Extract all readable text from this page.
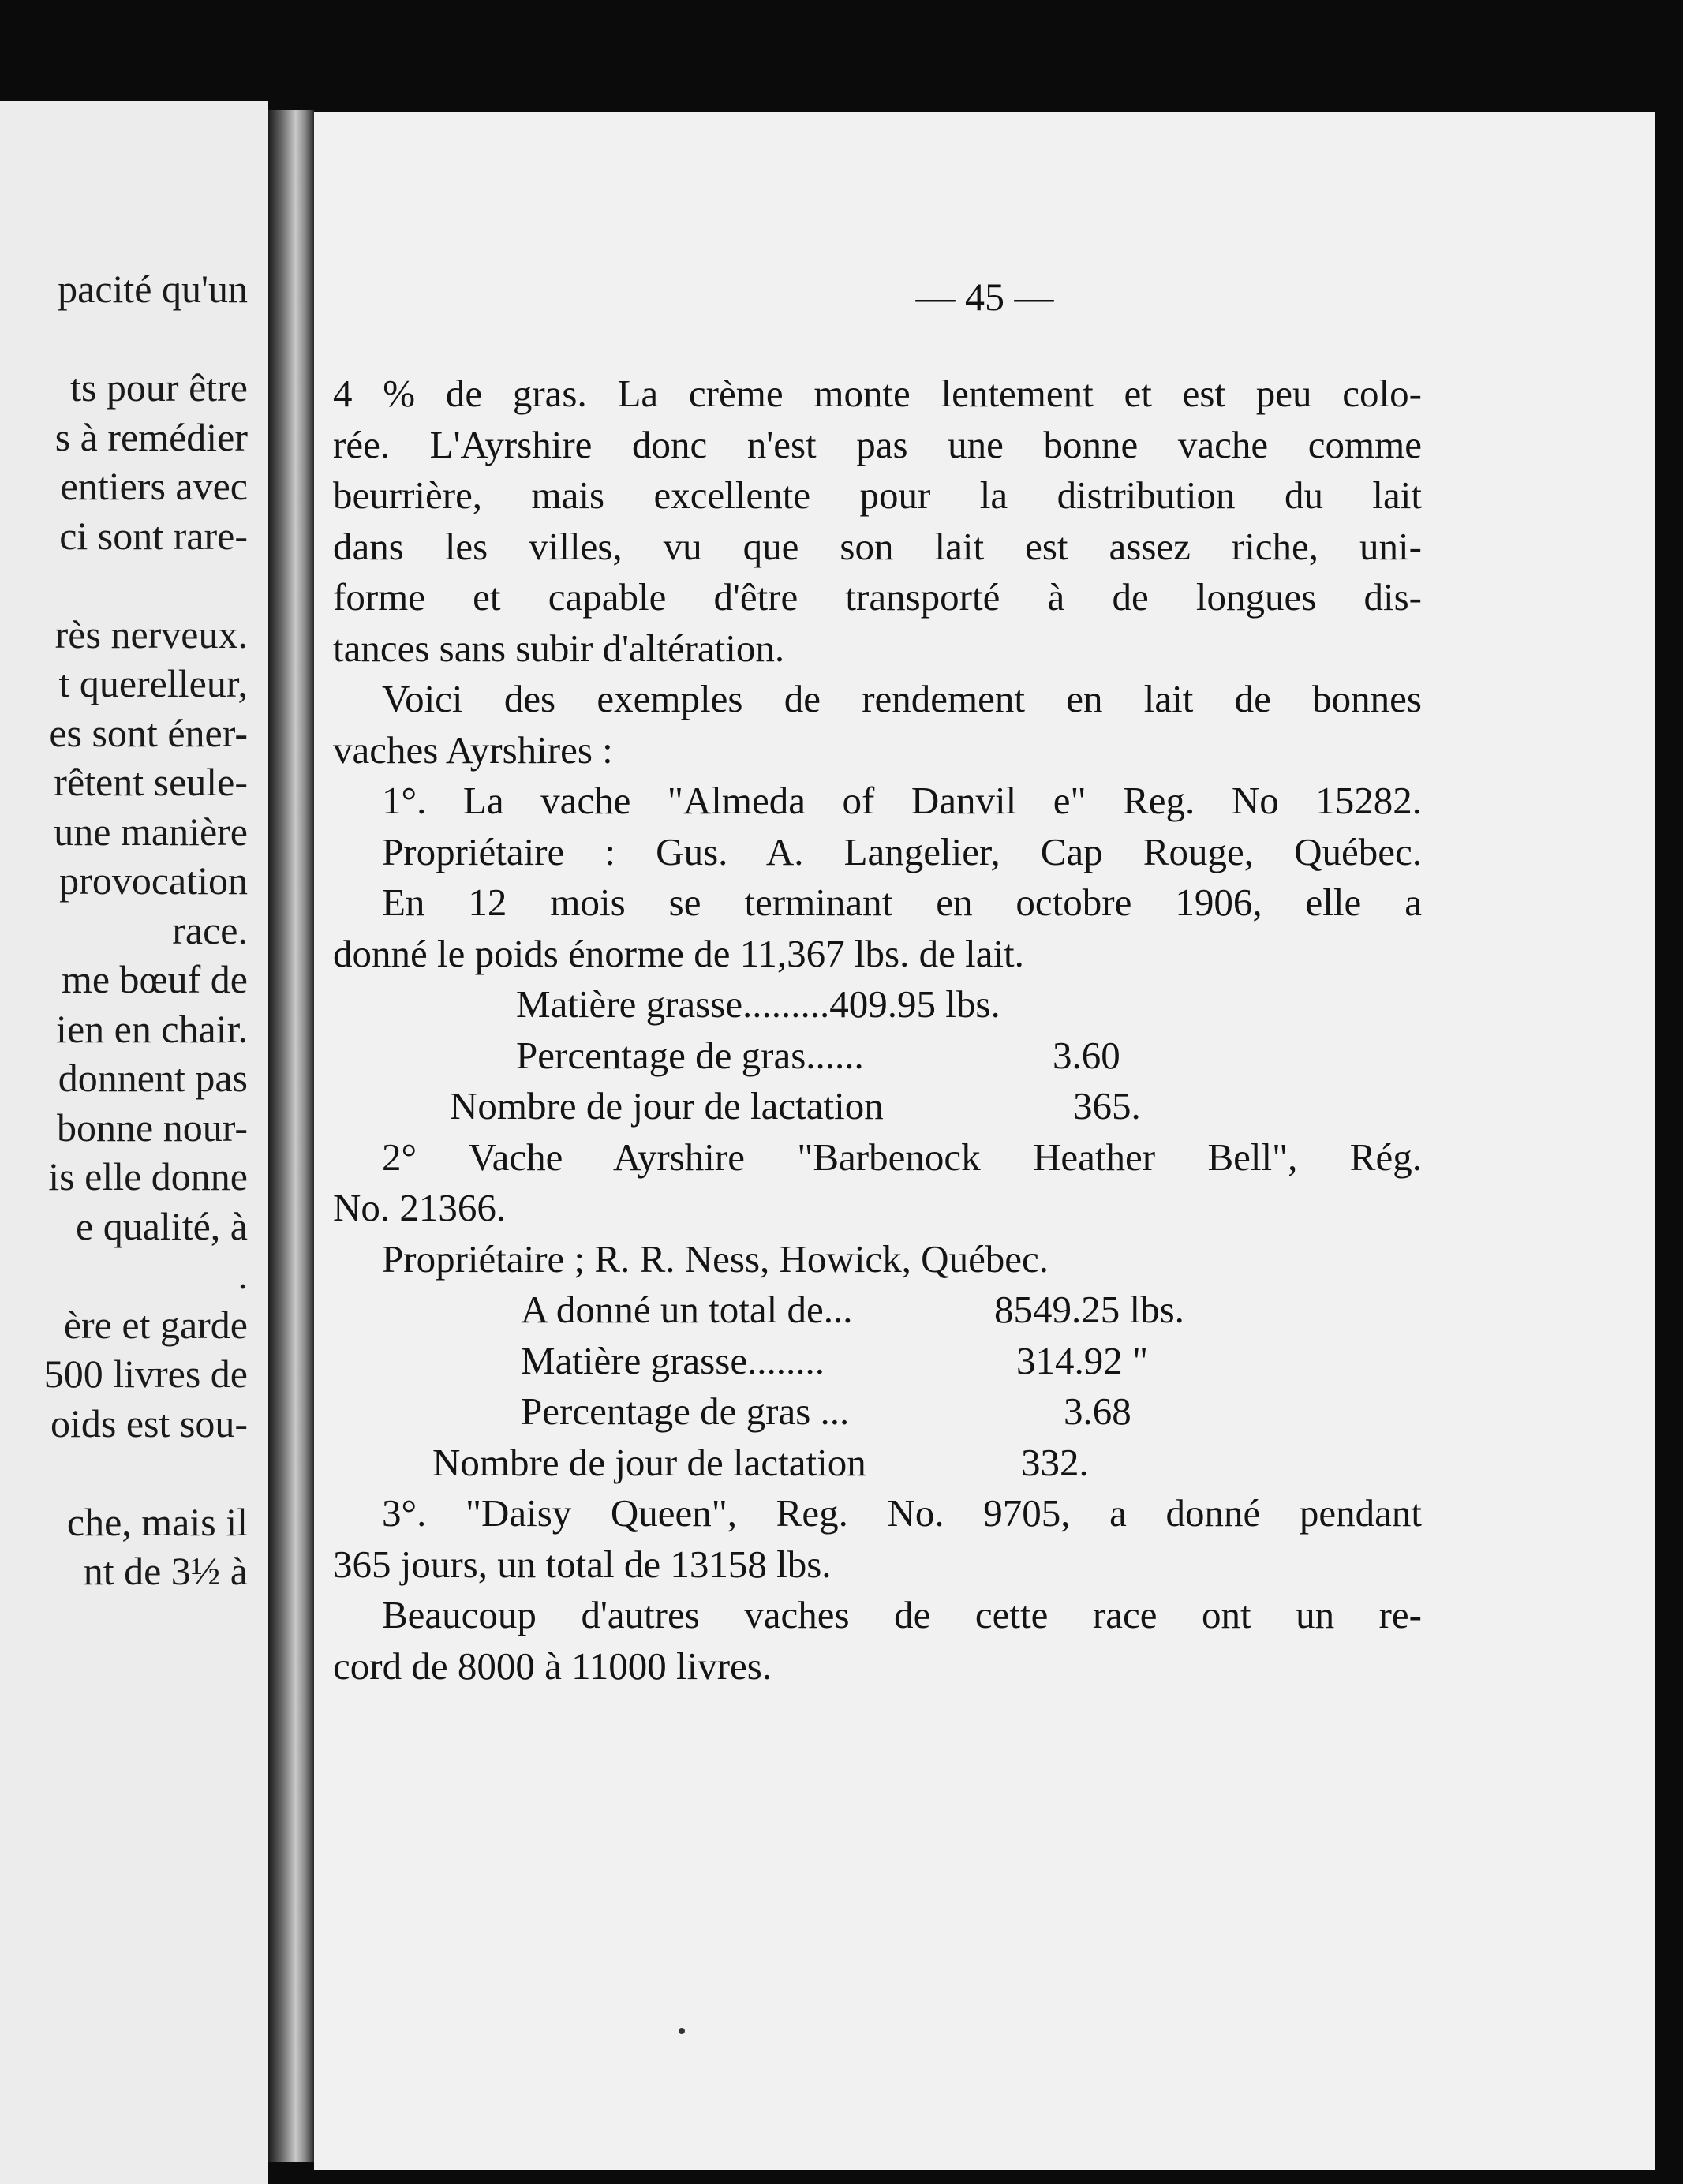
pacité qu'un
ts pour être
s à remédier
entiers avec
ci sont rare-
rès nerveux.
t querelleur,
es sont éner-
rêtent seule-
une manière
provocation
race.
me bœuf de
ien en chair.
donnent pas
bonne nour-
is elle donne
e qualité, à
.
ère et garde
500 livres de
oids est sou-
che, mais il
nt de 3½ à
— 45 —
4 % de gras. La crème monte lentement et est peu colo-
rée. L'Ayrshire donc n'est pas une bonne vache comme
beurrière, mais excellente pour la distribution du lait
dans les villes, vu que son lait est assez riche, uni-
forme et capable d'être transporté à de longues dis-
tances sans subir d'altération.
Voici des exemples de rendement en lait de bonnes
vaches Ayrshires :
1°. La vache "Almeda of Danvil e" Reg. No 15282.
Propriétaire : Gus. A. Langelier, Cap Rouge, Québec.
En 12 mois se terminant en octobre 1906, elle a
donné le poids énorme de 11,367 lbs. de lait.
Matière grasse.........409.95 lbs.
Percentage de gras......	3.60
Nombre de jour de lactation	365.
2° Vache Ayrshire "Barbenock Heather Bell", Rég.
No. 21366.
Propriétaire ; R. R. Ness, Howick, Québec.
A donné un total de...	8549.25 lbs.
Matière grasse........	314.92 "
Percentage de gras ...	3.68
Nombre de jour de lactation	332.
3°. "Daisy Queen", Reg. No. 9705, a donné pendant
365 jours, un total de 13158 lbs.
Beaucoup d'autres vaches de cette race ont un re-
cord de 8000 à 11000 livres.
